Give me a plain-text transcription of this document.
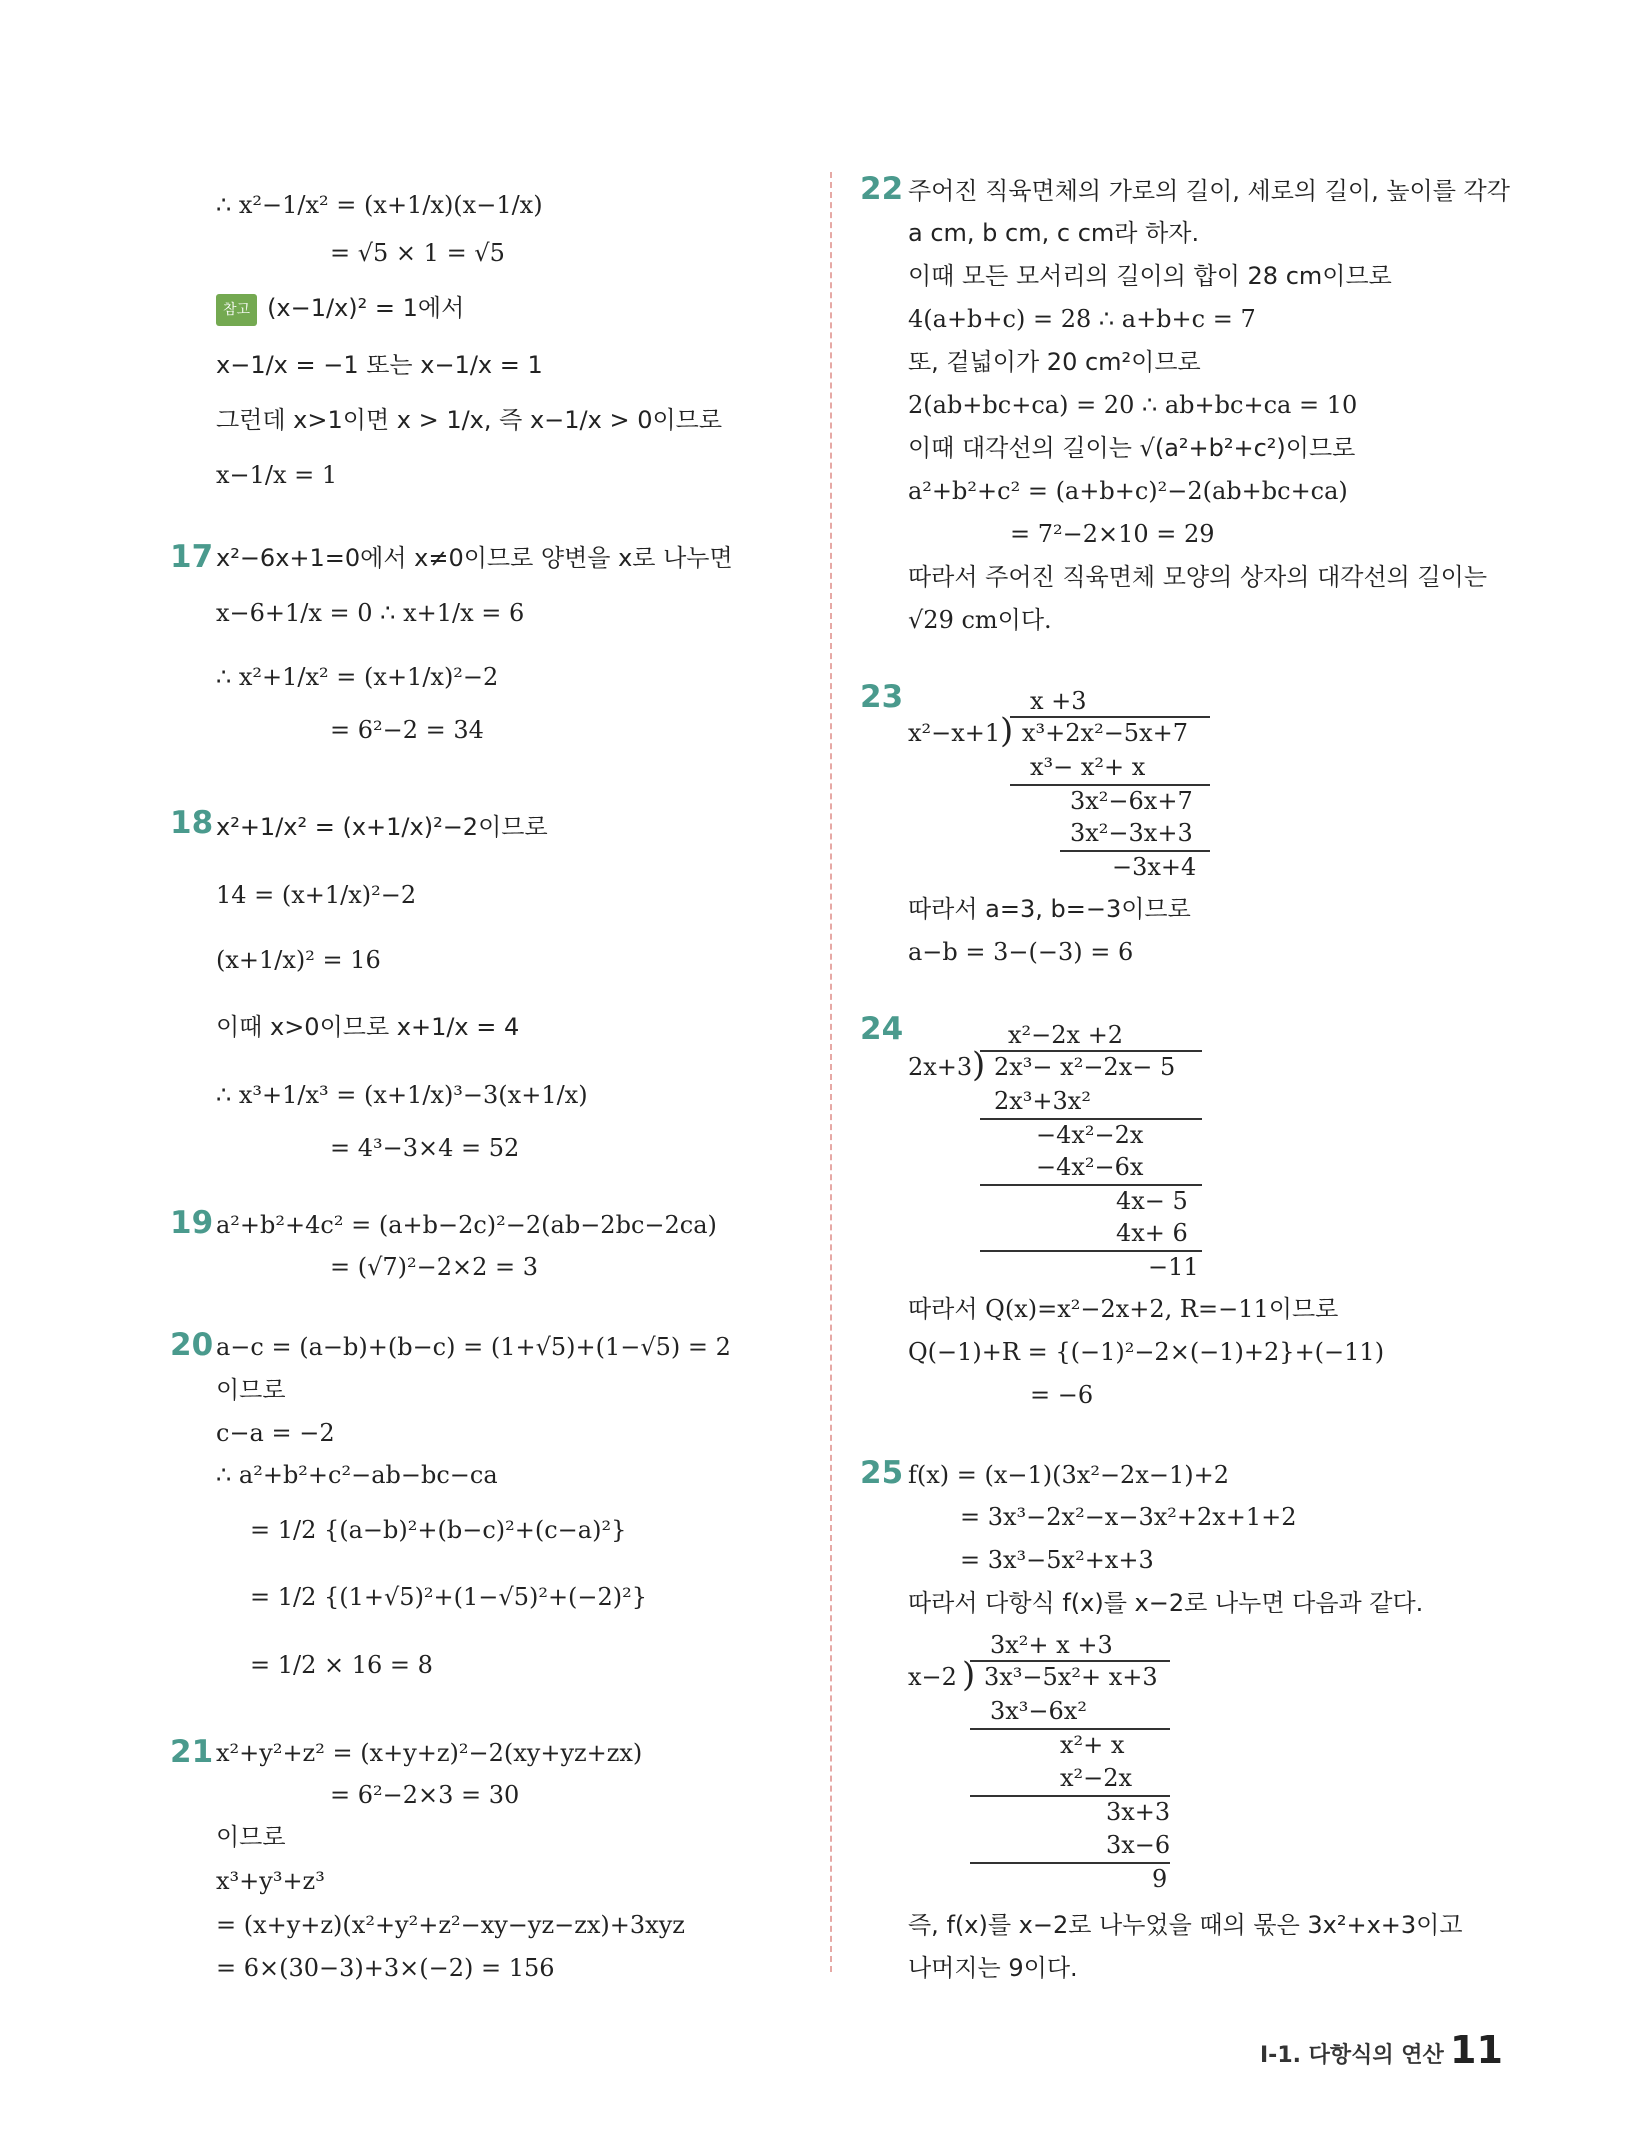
∴ x²−1/x² = (x+1/x)(x−1/x)
= √5 × 1 = √5
참고 (x−1/x)² = 1에서
x−1/x = −1 또는 x−1/x = 1
그런데 x>1이면 x > 1/x, 즉 x−1/x > 0이므로
x−1/x = 1
17 x²−6x+1=0에서 x≠0이므로 양변을 x로 나누면
x−6+1/x = 0 ∴ x+1/x = 6
∴ x²+1/x² = (x+1/x)²−2
= 6²−2 = 34
18 x²+1/x² = (x+1/x)²−2이므로
14 = (x+1/x)²−2
(x+1/x)² = 16
이때 x>0이므로 x+1/x = 4
∴ x³+1/x³ = (x+1/x)³−3(x+1/x)
= 4³−3×4 = 52
19 a²+b²+4c² = (a+b−2c)²−2(ab−2bc−2ca)
= (√7)²−2×2 = 3
20 a−c = (a−b)+(b−c) = (1+√5)+(1−√5) = 2
이므로
c−a = −2
∴ a²+b²+c²−ab−bc−ca
= 1/2 {(a−b)²+(b−c)²+(c−a)²}
= 1/2 {(1+√5)²+(1−√5)²+(−2)²}
= 1/2 × 16 = 8
21 x²+y²+z² = (x+y+z)²−2(xy+yz+zx)
= 6²−2×3 = 30
이므로
x³+y³+z³
= (x+y+z)(x²+y²+z²−xy−yz−zx)+3xyz
= 6×(30−3)+3×(−2) = 156
22 주어진 직육면체의 가로의 길이, 세로의 길이, 높이를 각각
a cm, b cm, c cm라 하자.
이때 모든 모서리의 길이의 합이 28 cm이므로
4(a+b+c) = 28 ∴ a+b+c = 7
또, 겉넓이가 20 cm²이므로
2(ab+bc+ca) = 20 ∴ ab+bc+ca = 10
이때 대각선의 길이는 √(a²+b²+c²)이므로
a²+b²+c² = (a+b+c)²−2(ab+bc+ca)
= 7²−2×10 = 29
따라서 주어진 직육면체 모양의 상자의 대각선의 길이는
√29 cm이다.
23	x +3
x²−x+1 ) x³+2x²−5x+7
x³− x²+ x
3x²−6x+7
3x²−3x+3
−3x+4
따라서 a=3, b=−3이므로
a−b = 3−(−3) = 6
24	x²−2x +2
2x+3 ) 2x³− x²−2x− 5
2x³+3x²
−4x²−2x
−4x²−6x
4x− 5
4x+ 6
−11
따라서 Q(x)=x²−2x+2, R=−11이므로
Q(−1)+R = {(−1)²−2×(−1)+2}+(−11)
= −6
25 f(x) = (x−1)(3x²−2x−1)+2
= 3x³−2x²−x−3x²+2x+1+2
= 3x³−5x²+x+3
따라서 다항식 f(x)를 x−2로 나누면 다음과 같다.
3x²+ x +3
x−2 ) 3x³−5x²+ x+3
3x³−6x²
x²+ x
x²−2x
3x+3
3x−6
9
즉, f(x)를 x−2로 나누었을 때의 몫은 3x²+x+3이고
나머지는 9이다.
Ⅰ-1. 다항식의 연산 11
